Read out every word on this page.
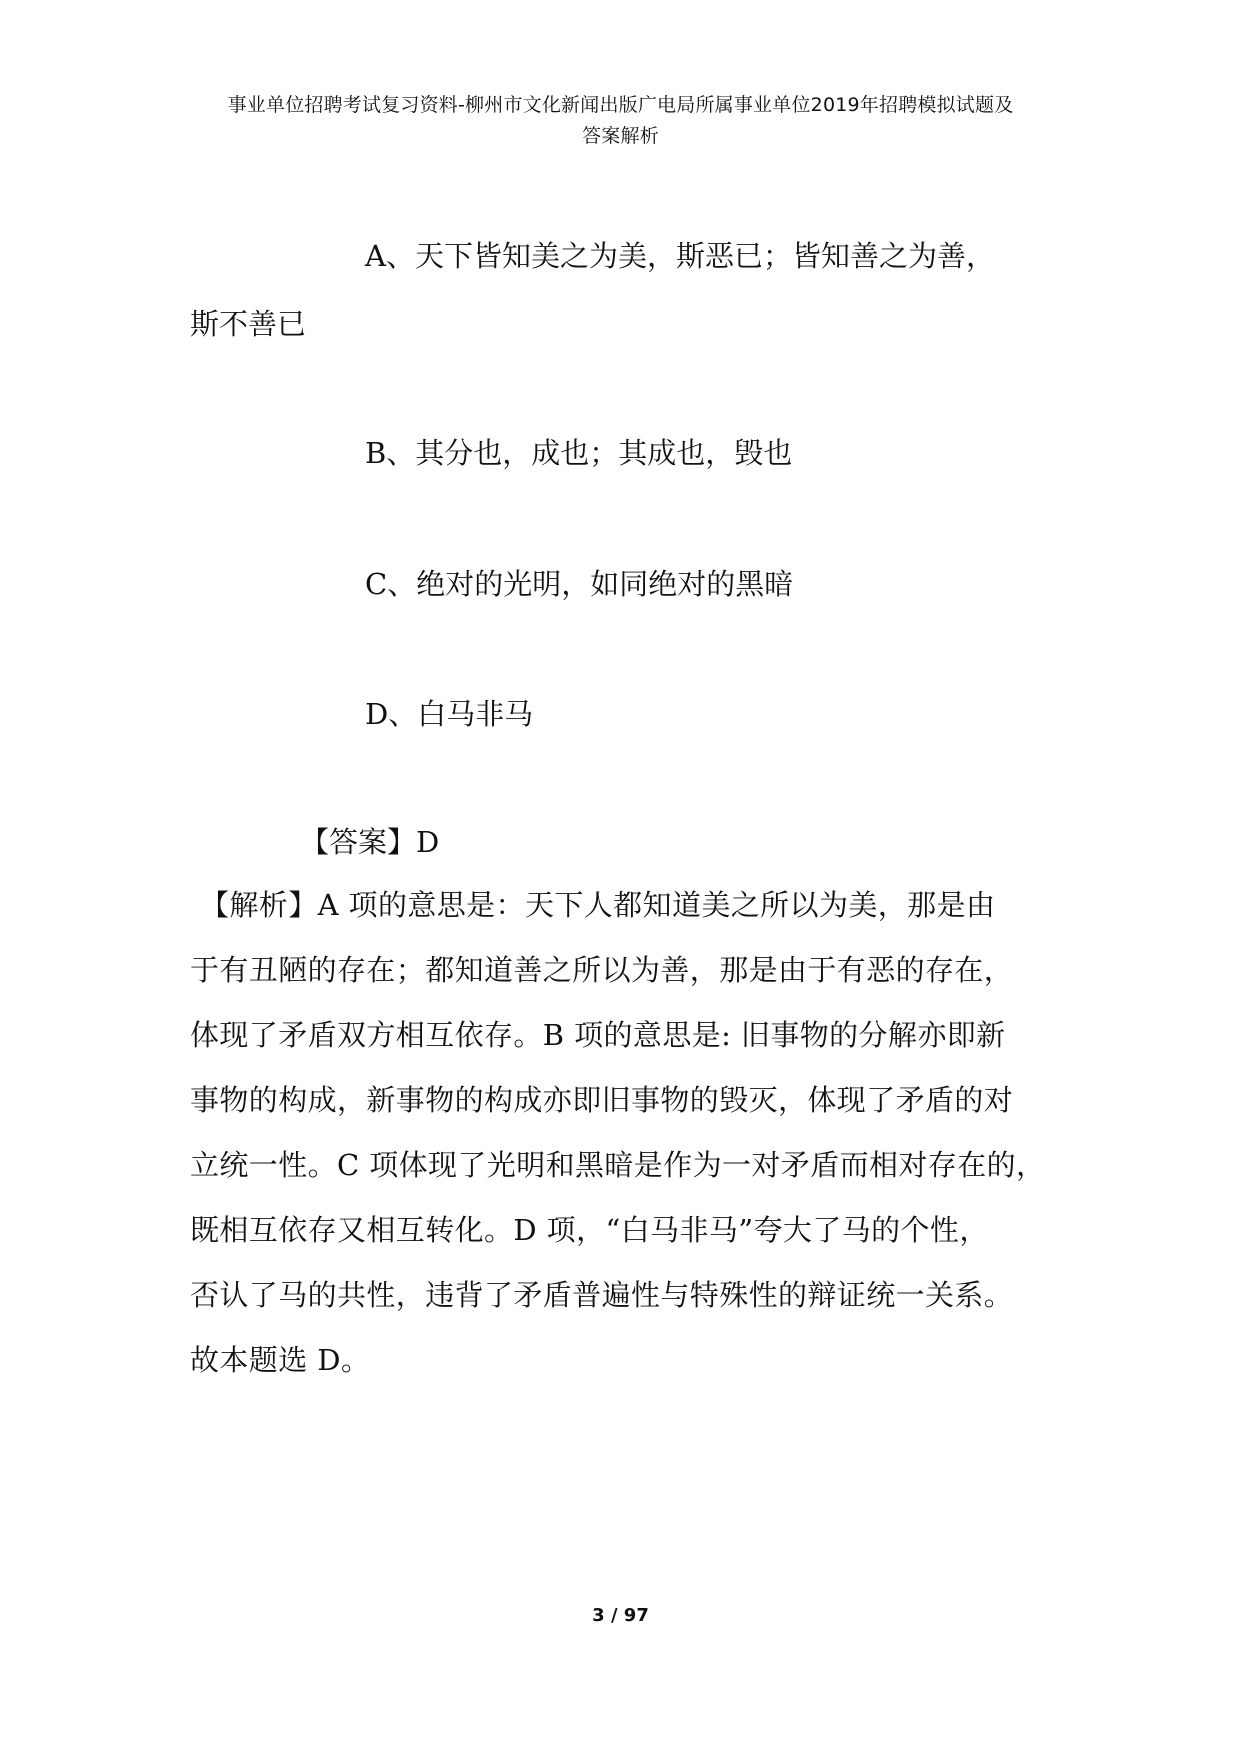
事业单位招聘考试复习资料-柳州市文化新闻出版广电局所属事业单位2019年招聘模拟试题及
答案解析
A、天下皆知美之为美，斯恶已；皆知善之为善，
斯不善已
B、其分也，成也；其成也，毁也
C、绝对的光明，如同绝对的黑暗
D、白马非马
【答案】D
【解析】A 项的意思是：天下人都知道美之所以为美，那是由
于有丑陋的存在；都知道善之所以为善，那是由于有恶的存在，
体现了矛盾双方相互依存。B 项的意思是: 旧事物的分解亦即新
事物的构成，新事物的构成亦即旧事物的毁灭，体现了矛盾的对
立统一性。C 项体现了光明和黑暗是作为一对矛盾而相对存在的，
既相互依存又相互转化。D 项，“白马非马”夸大了马的个性，
否认了马的共性，违背了矛盾普遍性与特殊性的辩证统一关系。
故本题选 D。
3 / 97
